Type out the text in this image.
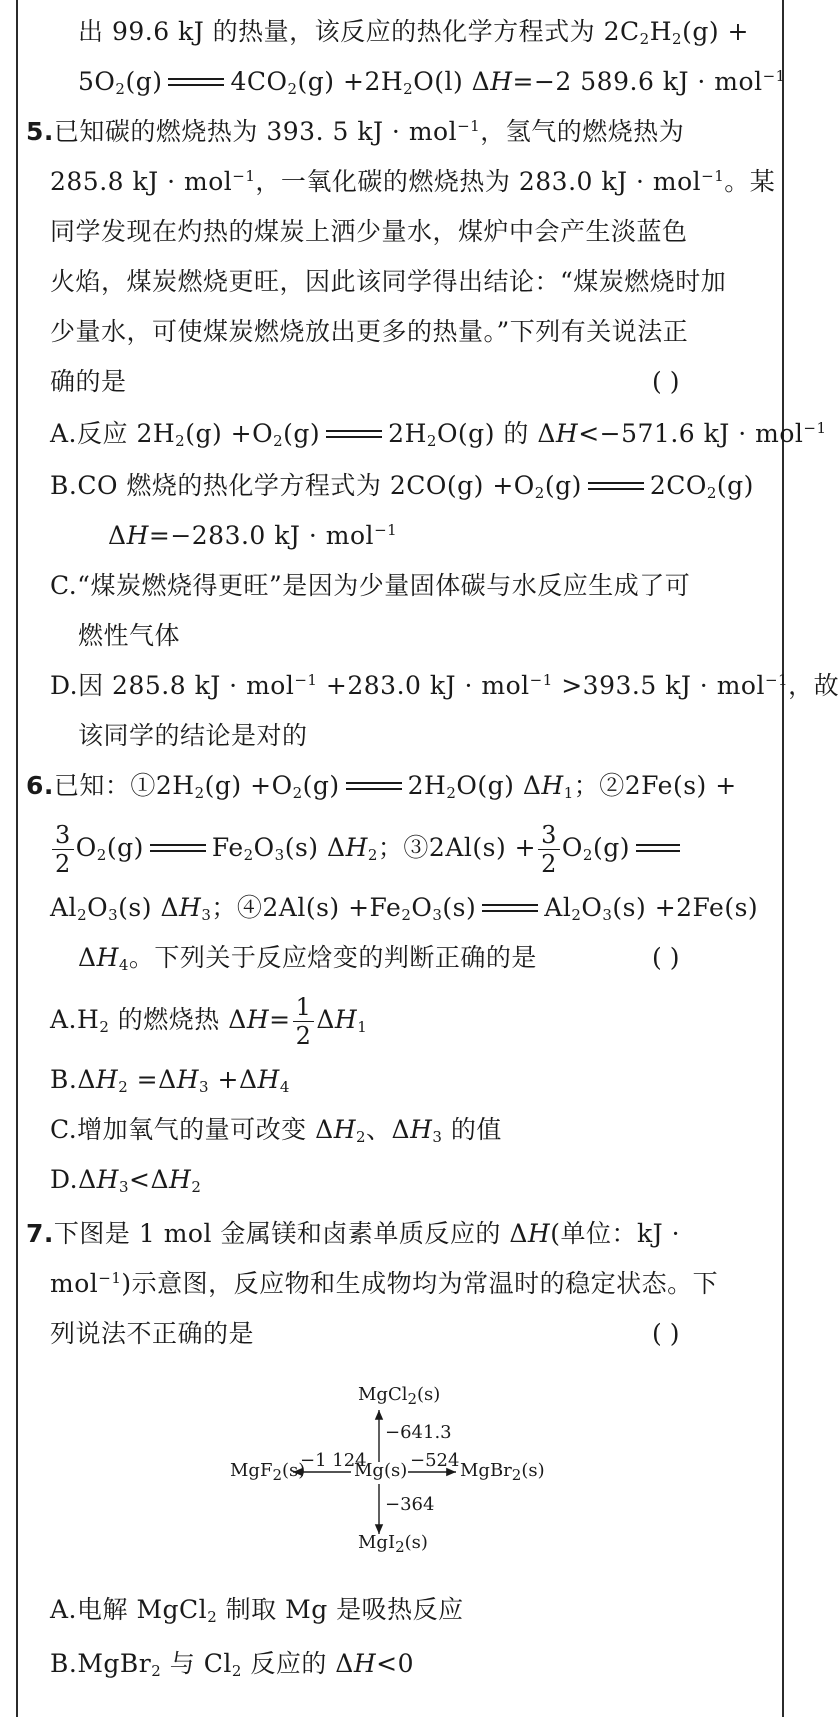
出 99.6 kJ 的热量，该反应的热化学方程式为 $2C_2H_2(g)$ +
$5O_2(g)$	$4CO_2(g) +2H_2O(l)$ ΔH=−2 589.6 kJ · mol$^{-1}$
5.已知碳的燃烧热为 393. 5 kJ · mol$^{-1}$，氢气的燃烧热为
285.8 kJ · mol$^{-1}$，一氧化碳的燃烧热为 283.0 kJ · mol$^{-1}$。某
同学发现在灼热的煤炭上洒少量水，煤炉中会产生淡蓝色
火焰，煤炭燃烧更旺，因此该同学得出结论：“煤炭燃烧时加
少量水，可使煤炭燃烧放出更多的热量。”下列有关说法正
确的是	( )
A.反应 $2H_2(g) +O_2(g)$	$2H_2O(g)$ 的 ΔH<−571.6 kJ · mol$^{-1}$
B.CO 燃烧的热化学方程式为 $2CO(g) +O_2(g)$	$2CO_2(g)$
ΔH=−283.0 kJ · mol$^{-1}$
C.“煤炭燃烧得更旺”是因为少量固体碳与水反应生成了可
燃性气体
D.因 285.8 kJ · mol$^{-1}$ +283.0 kJ · mol$^{-1}$ >393.5 kJ · mol$^{-1}$，故
该同学的结论是对的
6.已知：$①2H_2(g) +O_2(g)$	$2H_2O(g)$ $\Delta H_1$；②2Fe(s) +
$\frac{3}{2} O_2(g)$	$Fe_2O_3(s)$ $\Delta H_2$；③2Al(s) + $\frac{3}{2} O_2(g)$
$Al_2O_3(s)$ $\Delta H_3$；④2Al(s) $+Fe_2O_3(s)$	$Al_2O_3(s) +2Fe(s)$
$\Delta H_4$。下列关于反应焓变的判断正确的是	( )
$A.H_2$ 的燃烧热 $\Delta H= \frac{1}{2} \Delta H_1$
$B.\Delta H_2 =\Delta H_3 +\Delta H_4$
C.增加氧气的量可改变 $\Delta H_2$、$\Delta H_3$ 的值
$D.\Delta H_3<\Delta H_2$
7.下图是 1 mol 金属镁和卤素单质反应的 ΔH(单位：kJ ·
mol$^{-1}$)示意图，反应物和生成物均为常温时的稳定状态。下
列说法不正确的是	( )
MgCl$_2$(s)
−641.3
MgF$_2$(s)
−1 124
Mg(s) −524 MgBr$_2$(s)
−364
MgI$_2$(s)
A.电解 MgCl$_2$ 制取 Mg 是吸热反应
B.MgBr$_2$ 与 $Cl_2$ 反应的 ΔH<0
